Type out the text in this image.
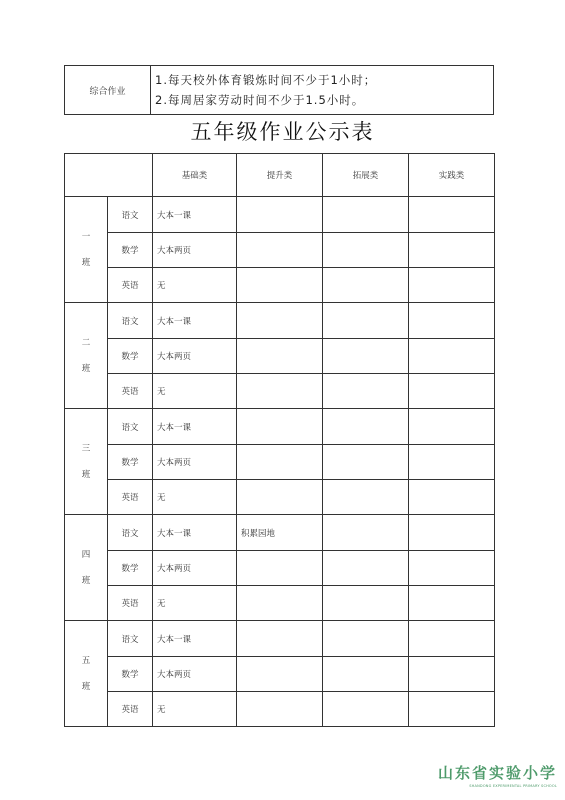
综合作业	
1.每天校外体育锻炼时间不少于1小时；
2.每周居家劳动时间不少于1.5小时。
五年级作业公示表
		基础类	提升类	拓展类	实践类

一
班	语文	大本一课			
	数学	大本两页			
	英语	无			

二
班	语文	大本一课			
	数学	大本两页			
	英语	无			

三
班	语文	大本一课			
	数学	大本两页			
	英语	无			

四
班	语文	大本一课	积累园地		
	数学	大本两页			
	英语	无			

五
班	语文	大本一课			
	数学	大本两页			
	英语	无			
山东省实验小学
SHANDONG EXPERIMENTAL PRIMARY SCHOOL
